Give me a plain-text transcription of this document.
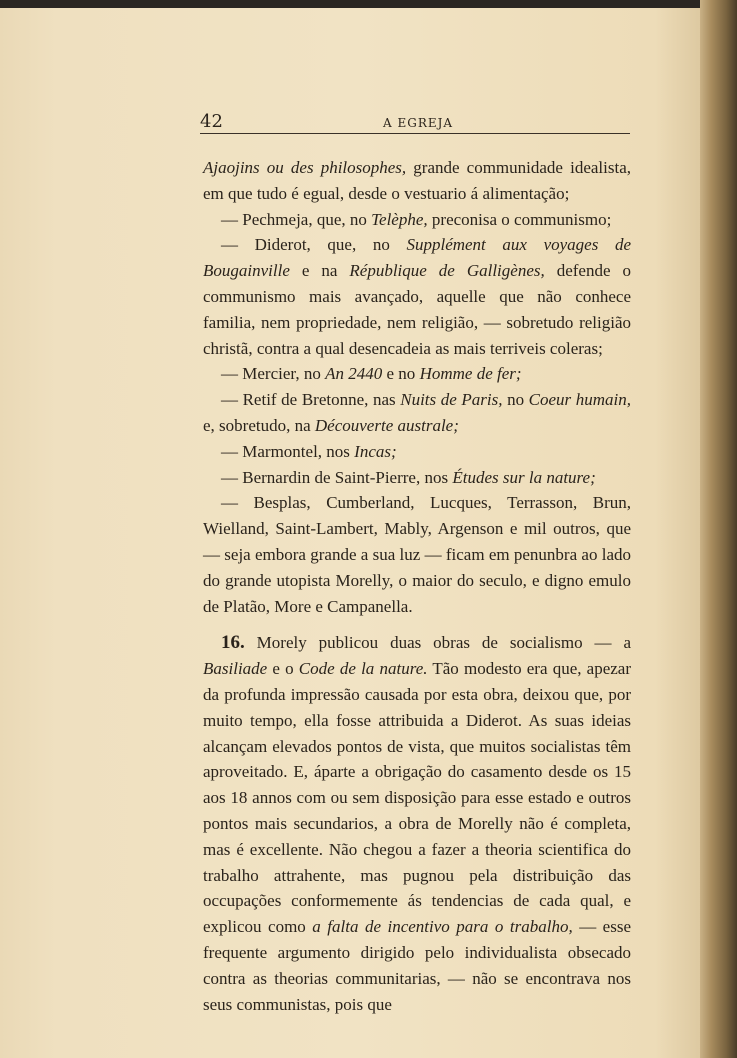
42	A EGREJA

Ajaojins ou des philosophes, grande communidade idealista, em que tudo é egual, desde o vestuario á alimentação;

— Pechmeja, que, no Telèphe, preconisa o communismo;

— Diderot, que, no Supplément aux voyages de Bougainville e na République de Galligènes, defende o communismo mais avançado, aquelle que não conhece familia, nem propriedade, nem religião, — sobretudo religião christã, contra a qual desencadeia as mais terriveis coleras;

— Mercier, no An 2440 e no Homme de fer;

— Retif de Bretonne, nas Nuits de Paris, no Coeur humain, e, sobretudo, na Découverte australe;

— Marmontel, nos Incas;

— Bernardin de Saint-Pierre, nos Études sur la nature;

— Besplas, Cumberland, Lucques, Terrasson, Brun, Wielland, Saint-Lambert, Mably, Argenson e mil outros, que — seja embora grande a sua luz — ficam em penunbra ao lado do grande utopista Morelly, o maior do seculo, e digno emulo de Platão, More e Campanella.

16. Morely publicou duas obras de socialismo — a Basiliade e o Code de la nature. Tão modesto era que, apezar da profunda impressão causada por esta obra, deixou que, por muito tempo, ella fosse attribuida a Diderot. As suas ideias alcançam elevados pontos de vista, que muitos socialistas têm aproveitado. E, áparte a obrigação do casamento desde os 15 aos 18 annos com ou sem disposição para esse estado e outros pontos mais secundarios, a obra de Morelly não é completa, mas é excellente. Não chegou a fazer a theoria scientifica do trabalho attrahente, mas pugnou pela distribuição das occupações conformemente ás tendencias de cada qual, e explicou como a falta de incentivo para o trabalho, — esse frequente argumento dirigido pelo individualista obsecado contra as theorias communitarias, — não se encontrava nos seus communistas, pois que
